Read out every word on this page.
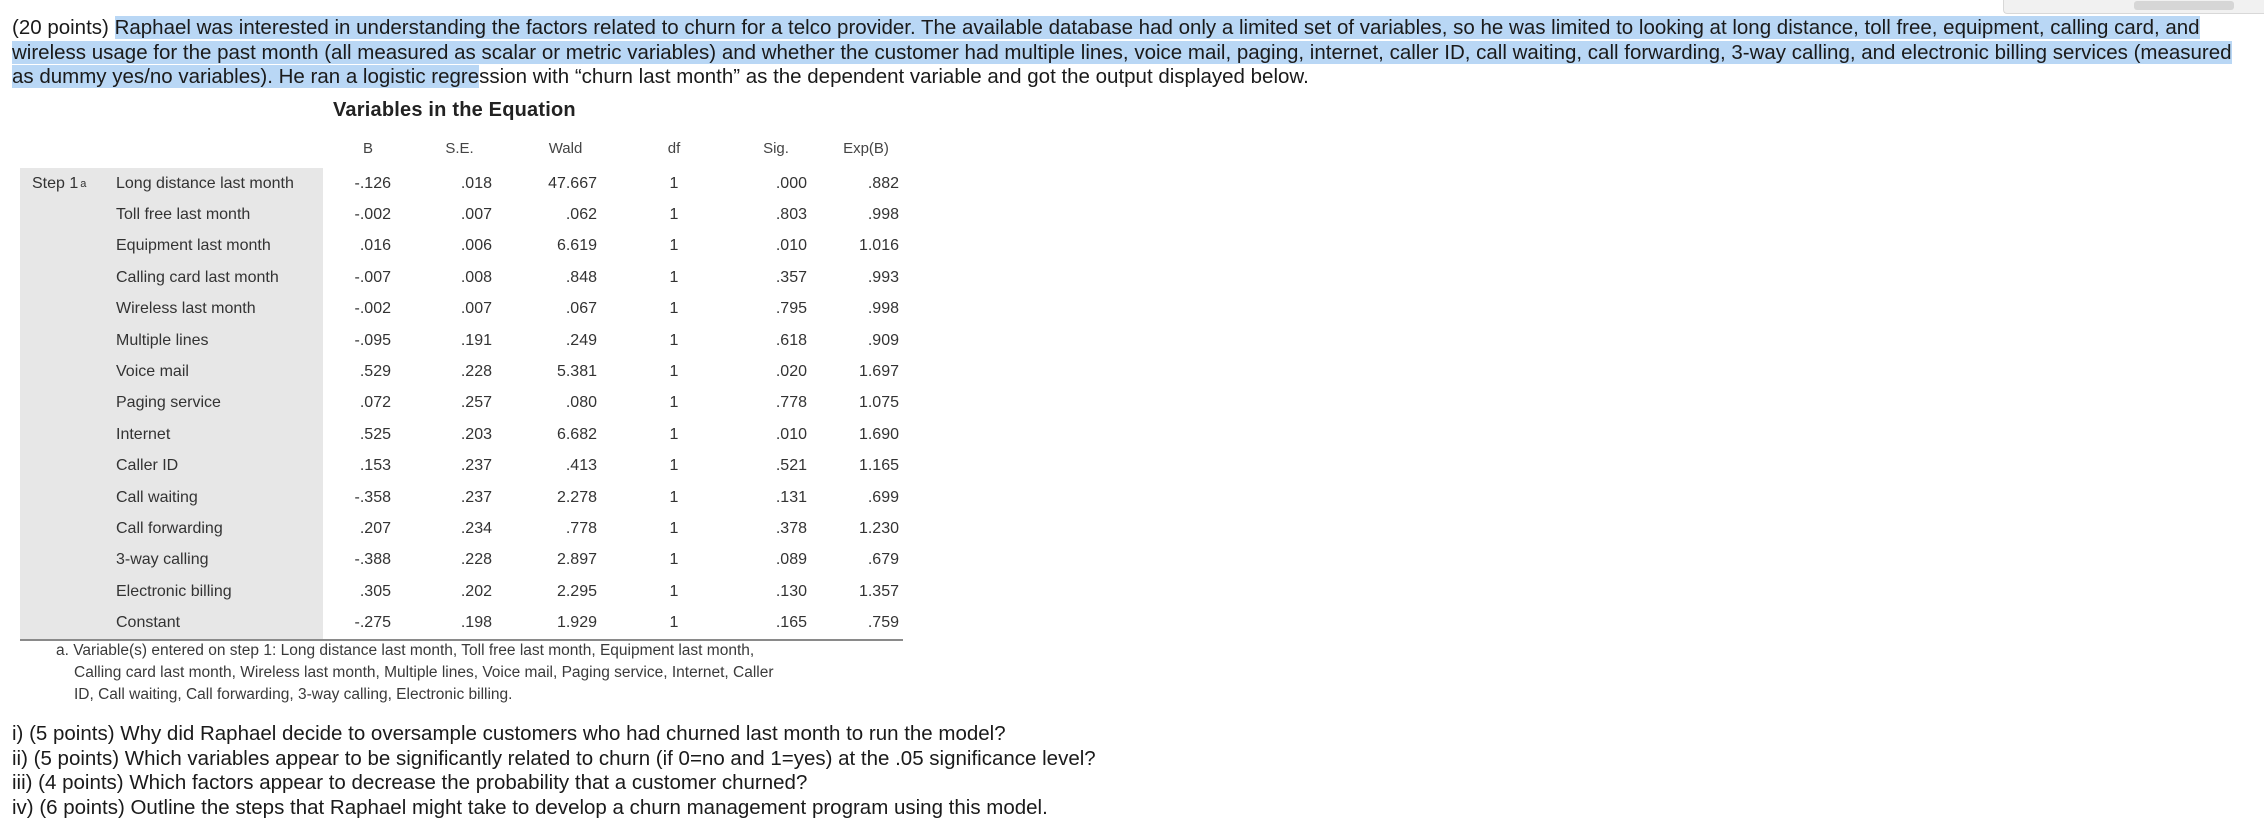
(20 points) Raphael was interested in understanding the factors related to churn for a telco provider. The available database had only a limited set of variables, so he was limited to looking at long distance, toll free, equipment, calling card, and wireless usage for the past month (all measured as scalar or metric variables) and whether the customer had multiple lines, voice mail, paging, internet, caller ID, call waiting, call forwarding, 3-way calling, and electronic billing services (measured as dummy yes/no variables). He ran a logistic regression with “churn last month” as the dependent variable and got the output displayed below.

Variables in the Equation
B	S.E.	Wald	df	Sig.	Exp(B)
Step 1 a Long distance last month	-.126	.018	47.667	1	.000	.882
Toll free last month	-.002	.007	.062	1	.803	.998
Equipment last month	.016	.006	6.619	1	.010	1.016
Calling card last month	-.007	.008	.848	1	.357	.993
Wireless last month	-.002	.007	.067	1	.795	.998
Multiple lines	-.095	.191	.249	1	.618	.909
Voice mail	.529	.228	5.381	1	.020	1.697
Paging service	.072	.257	.080	1	.778	1.075
Internet	.525	.203	6.682	1	.010	1.690
Caller ID	.153	.237	.413	1	.521	1.165
Call waiting	-.358	.237	2.278	1	.131	.699
Call forwarding	.207	.234	.778	1	.378	1.230
3-way calling	-.388	.228	2.897	1	.089	.679
Electronic billing	.305	.202	2.295	1	.130	1.357
Constant	-.275	.198	1.929	1	.165	.759
a. Variable(s) entered on step 1: Long distance last month, Toll free last month, Equipment last month,

Calling card last month, Wireless last month, Multiple lines, Voice mail, Paging service, Internet, Caller
ID, Call waiting, Call forwarding, 3-way calling, Electronic billing.
i) (5 points) Why did Raphael decide to oversample customers who had churned last month to run the model?
ii) (5 points) Which variables appear to be significantly related to churn (if 0=no and 1=yes) at the .05 significance level?
iii) (4 points) Which factors appear to decrease the probability that a customer churned?
iv) (6 points) Outline the steps that Raphael might take to develop a churn management program using this model.
